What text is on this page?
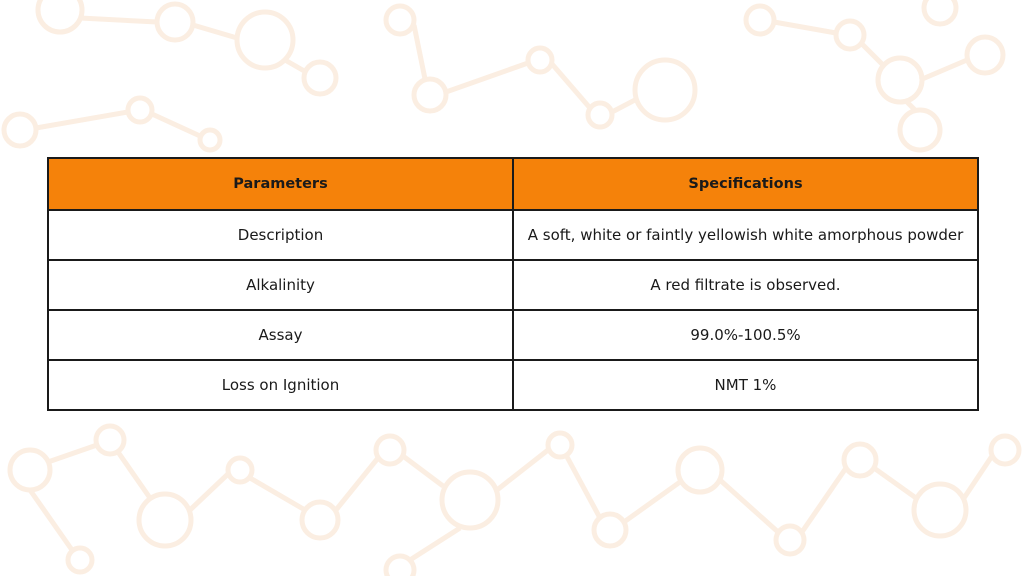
Parameters	Specifications
Description	A soft, white or faintly yellowish white amorphous powder
Alkalinity	A red filtrate is observed.
Assay	99.0%-100.5%
Loss on Ignition	NMT 1%
